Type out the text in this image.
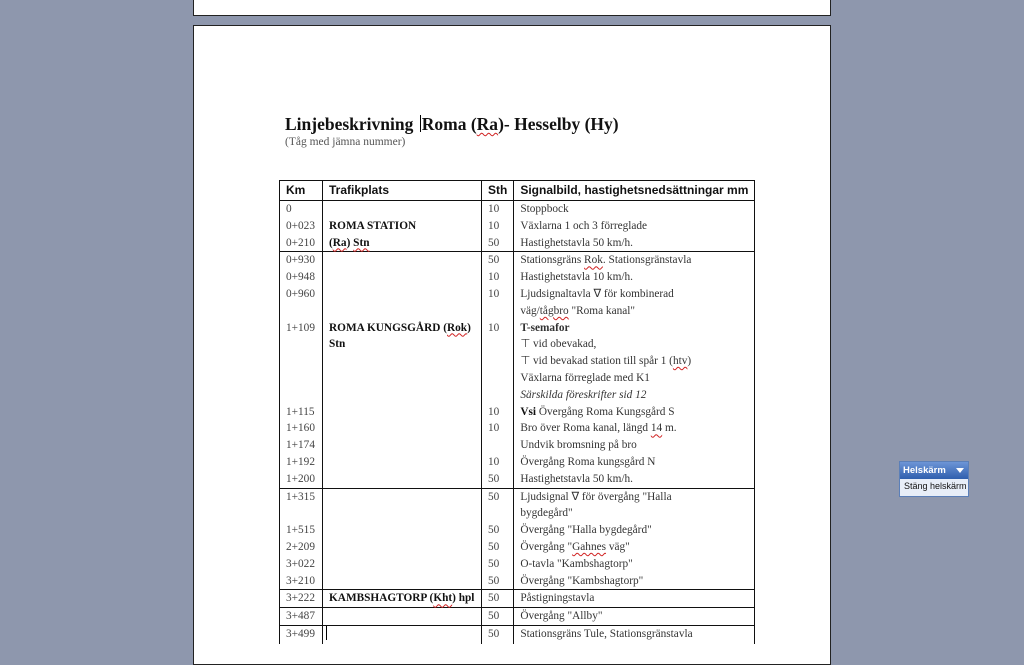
Linjebeskrivning Roma (Ra)- Hesselby (Hy)
(Tåg med jämna nummer)
Km	Trafikplats	Sth	Signalbild, hastighetsnedsättningar mm
0		10	Stoppbock
0+023	ROMA STATION	10	Växlarna 1 och 3 förreglade
0+210	(Ra) Stn	50	Hastighetstavla 50 km/h.
0+930		50	Stationsgräns Rok. Stationsgränstavla
0+948		10	Hastighetstavla 10 km/h.
0+960		10	Ljudsignaltavla ∇ för kombinerad
			väg/tågbro "Roma kanal"
1+109	ROMA KUNGSGÅRD (Rok)	10	T-semafor
	Stn		⊤ vid obevakad,
			⊤ vid bevakad station till spår 1 (htv)
			Växlarna förreglade med K1
			Särskilda föreskrifter sid 12
1+115		10	Vsi Övergång Roma Kungsgård S
1+160		10	Bro över Roma kanal, längd 14 m.
1+174			Undvik bromsning på bro
1+192		10	Övergång Roma kungsgård N
1+200		50	Hastighetstavla 50 km/h.
1+315		50	Ljudsignal ∇ för övergång "Halla
			bygdegård"
1+515		50	Övergång "Halla bygdegård"
2+209		50	Övergång "Gahnes väg"
3+022		50	O-tavla "Kambshagtorp"
3+210		50	Övergång "Kambshagtorp"
3+222	KAMBSHAGTORP (Kht) hpl	50	Påstigningstavla
3+487		50	Övergång "Allby"
3+499		50	Stationsgräns Tule, Stationsgränstavla
Helskärm
Stäng helskärm
